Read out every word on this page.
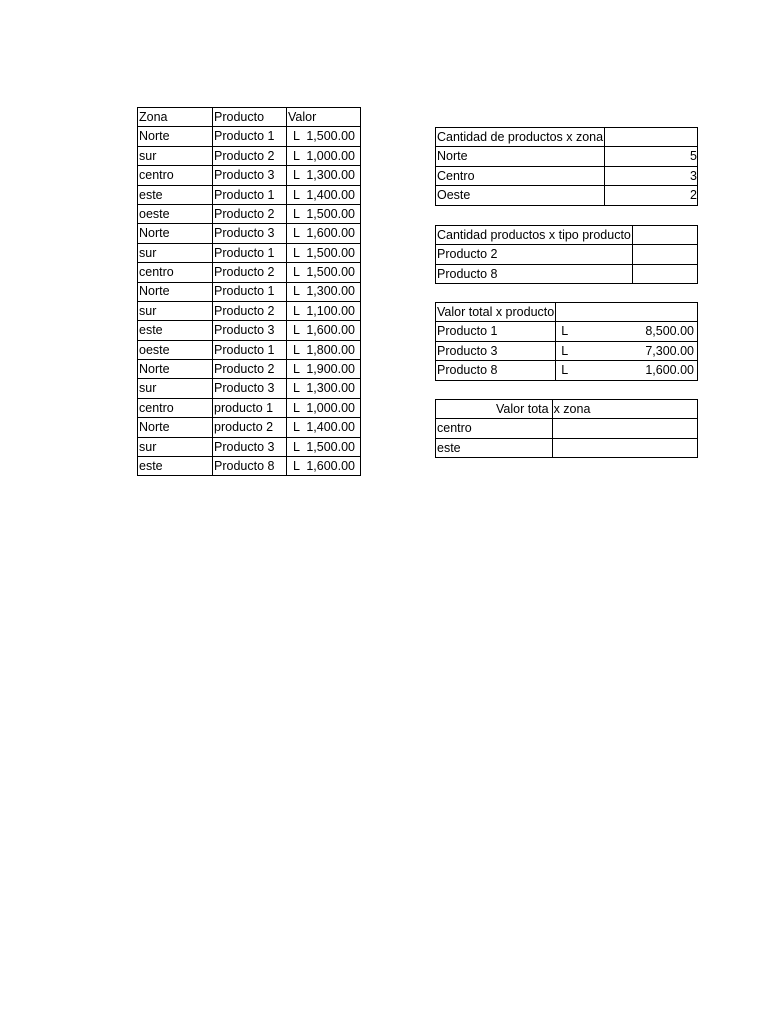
Zona	Producto	Valor
Norte	Producto 1	L 1,500.00

sur	Producto 2	L 1,000.00

centro	Producto 3	L 1,300.00

este	Producto 1	L 1,400.00

oeste	Producto 2	L 1,500.00

Norte	Producto 3	L 1,600.00

sur	Producto 1	L 1,500.00

centro	Producto 2	L 1,500.00

Norte	Producto 1	L 1,300.00

sur	Producto 2	L 1,100.00

este	Producto 3	L 1,600.00

oeste	Producto 1	L 1,800.00

Norte	Producto 2	L 1,900.00

sur	Producto 3	L 1,300.00

centro	producto 1	L 1,000.00

Norte	producto 2	L 1,400.00

sur	Producto 3	L 1,500.00

este	Producto 8	L 1,600.00
Cantidad de productos x zona	
Norte	5
Centro	3
Oeste	2
Cantidad productos x tipo producto	
Producto 2	
Producto 8	
Valor total x producto	
Producto 1	L 8,500.00

Producto 3	L 7,300.00

Producto 8	L 1,600.00
Valor tota	x zona
centro	
este	
